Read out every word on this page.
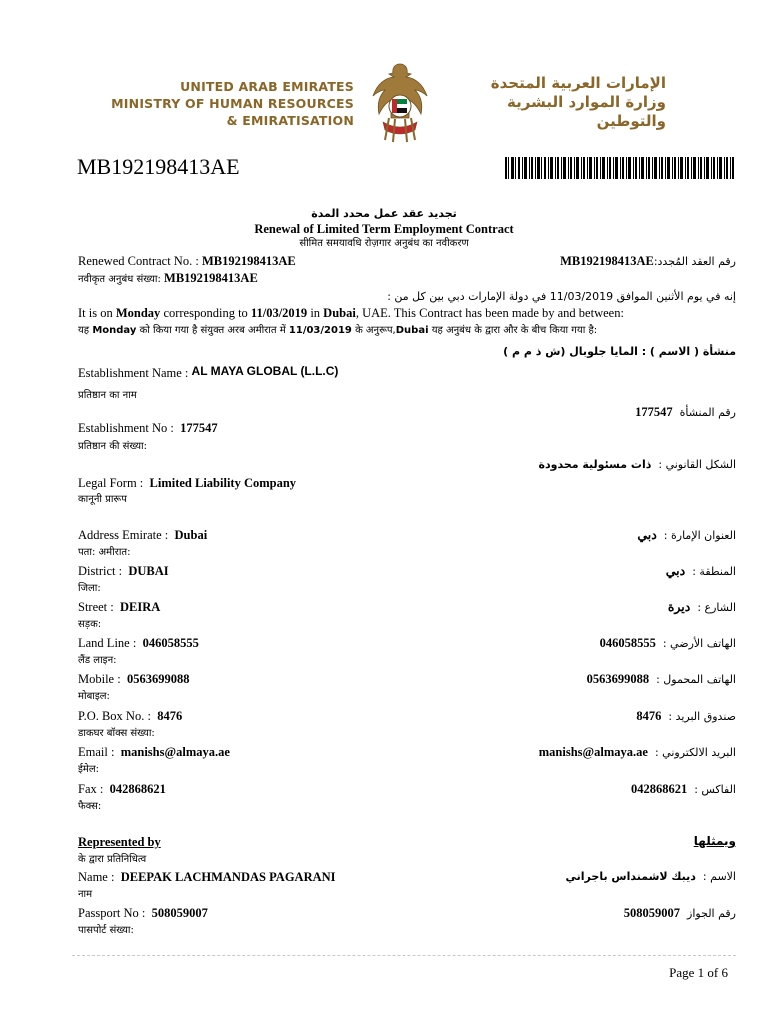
UNITED ARAB EMIRATES
MINISTRY OF HUMAN RESOURCES
& EMIRATISATION
الإمارات العربية المتحدة
وزارة الموارد البشرية
والتوطين
MB192198413AE
تجديد عقد عمل محدد المدة
Renewal of Limited Term Employment Contract
सीमित समयावधि रोज़गार अनुबंध का नवीकरण
Renewed Contract No. : MB192198413AE
नवीकृत अनुबंध संख्या: MB192198413AE
رقم العقد المُجدد:MB192198413AE
إنه في يوم الأثنين الموافق 11/03/2019 في دولة الإمارات دبي بين كل من :
It is on Monday corresponding to 11/03/2019 in Dubai, UAE. This Contract has been made by and between:
यह Monday को किया गया है संयुक्त अरब अमीरात में 11/03/2019 के अनुरूप,Dubai यह अनुबंध के द्वारा और के बीच किया गया है:
منشأة ( الاسم ) : المايا جلوبال (ش ذ م م )
Establishment Name : AL MAYA GLOBAL (L.L.C)
प्रतिष्ठान का नाम
رقم المنشأة  177547
Establishment No : 177547
प्रतिष्ठान की संख्या:
الشكل القانوني :  ذات مسئولية محدودة
Legal Form : Limited Liability Company
कानूनी प्रारूप
Address Emirate : Dubai
पता: अमीरात:
العنوان الإمارة :  دبي
District : DUBAI
जिला:
المنطقة :  دبي
Street : DEIRA
सड़क:
الشارع :  ديرة
Land Line : 046058555
लैंड लाइन:
الهاتف الأرضي :  046058555
Mobile : 0563699088
मोबाइल:
الهاتف المحمول :  0563699088
P.O. Box No. : 8476
डाकघर बॉक्स संख्या:
صندوق البريد :  8476
Email : manishs@almaya.ae
ईमेल:
البريد الالكتروني :  manishs@almaya.ae
Fax : 042868621
फैक्स:
الفاكس :  042868621
Represented by	ويمثلها
के द्वारा प्रतिनिधित्व
Name : DEEPAK LACHMANDAS PAGARANI	الاسم :  ديبك لاشمنداس باجراني
नाम
Passport No : 508059007	رقم الجواز  508059007
पासपोर्ट संख्या:
Page 1 of 6
